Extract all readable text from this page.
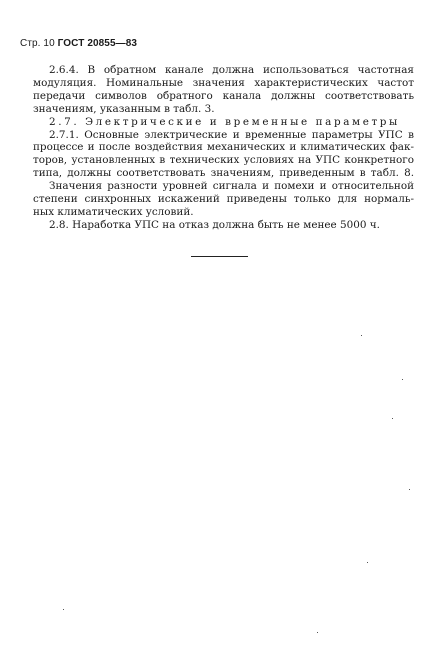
Стр. 10 ГОСТ 20855—83
2.6.4. В обратном канале должна использоваться частотная
модуляция. Номинальные значения характеристических частот
передачи символов обратного канала должны соответствовать
значениям, указанным в табл. 3.
2.7. Электрические и временные параметры
2.7.1. Основные электрические и временные параметры УПС в
процессе и после воздействия механических и климатических фак-
торов, установленных в технических условиях на УПС конкретного
типа, должны соответствовать значениям, приведенным в табл. 8.
Значения разности уровней сигнала и помехи и относительной
степени синхронных искажений приведены только для нормаль-
ных климатических условий.
2.8. Наработка УПС на отказ должна быть не менее 5000 ч.
